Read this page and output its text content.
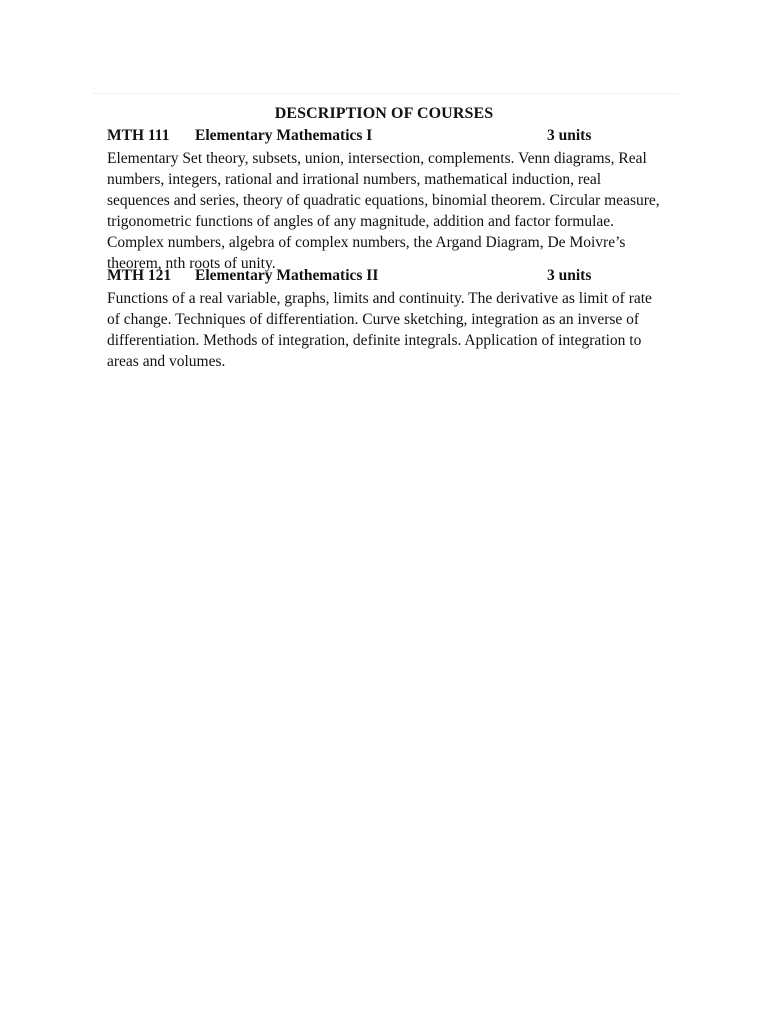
DESCRIPTION OF COURSES
MTH 111 Elementary Mathematics I	3 units
Elementary Set theory, subsets, union, intersection, complements. Venn diagrams, Real numbers, integers, rational and irrational numbers, mathematical induction, real sequences and series, theory of quadratic equations, binomial theorem. Circular measure, trigonometric functions of angles of any magnitude, addition and factor formulae. Complex numbers, algebra of complex numbers, the Argand Diagram, De Moivre’s theorem, nth roots of unity.
MTH 121 Elementary Mathematics II	3 units
Functions of a real variable, graphs, limits and continuity. The derivative as limit of rate of change. Techniques of differentiation. Curve sketching, integration as an inverse of differentiation. Methods of integration, definite integrals. Application of integration to areas and volumes.
